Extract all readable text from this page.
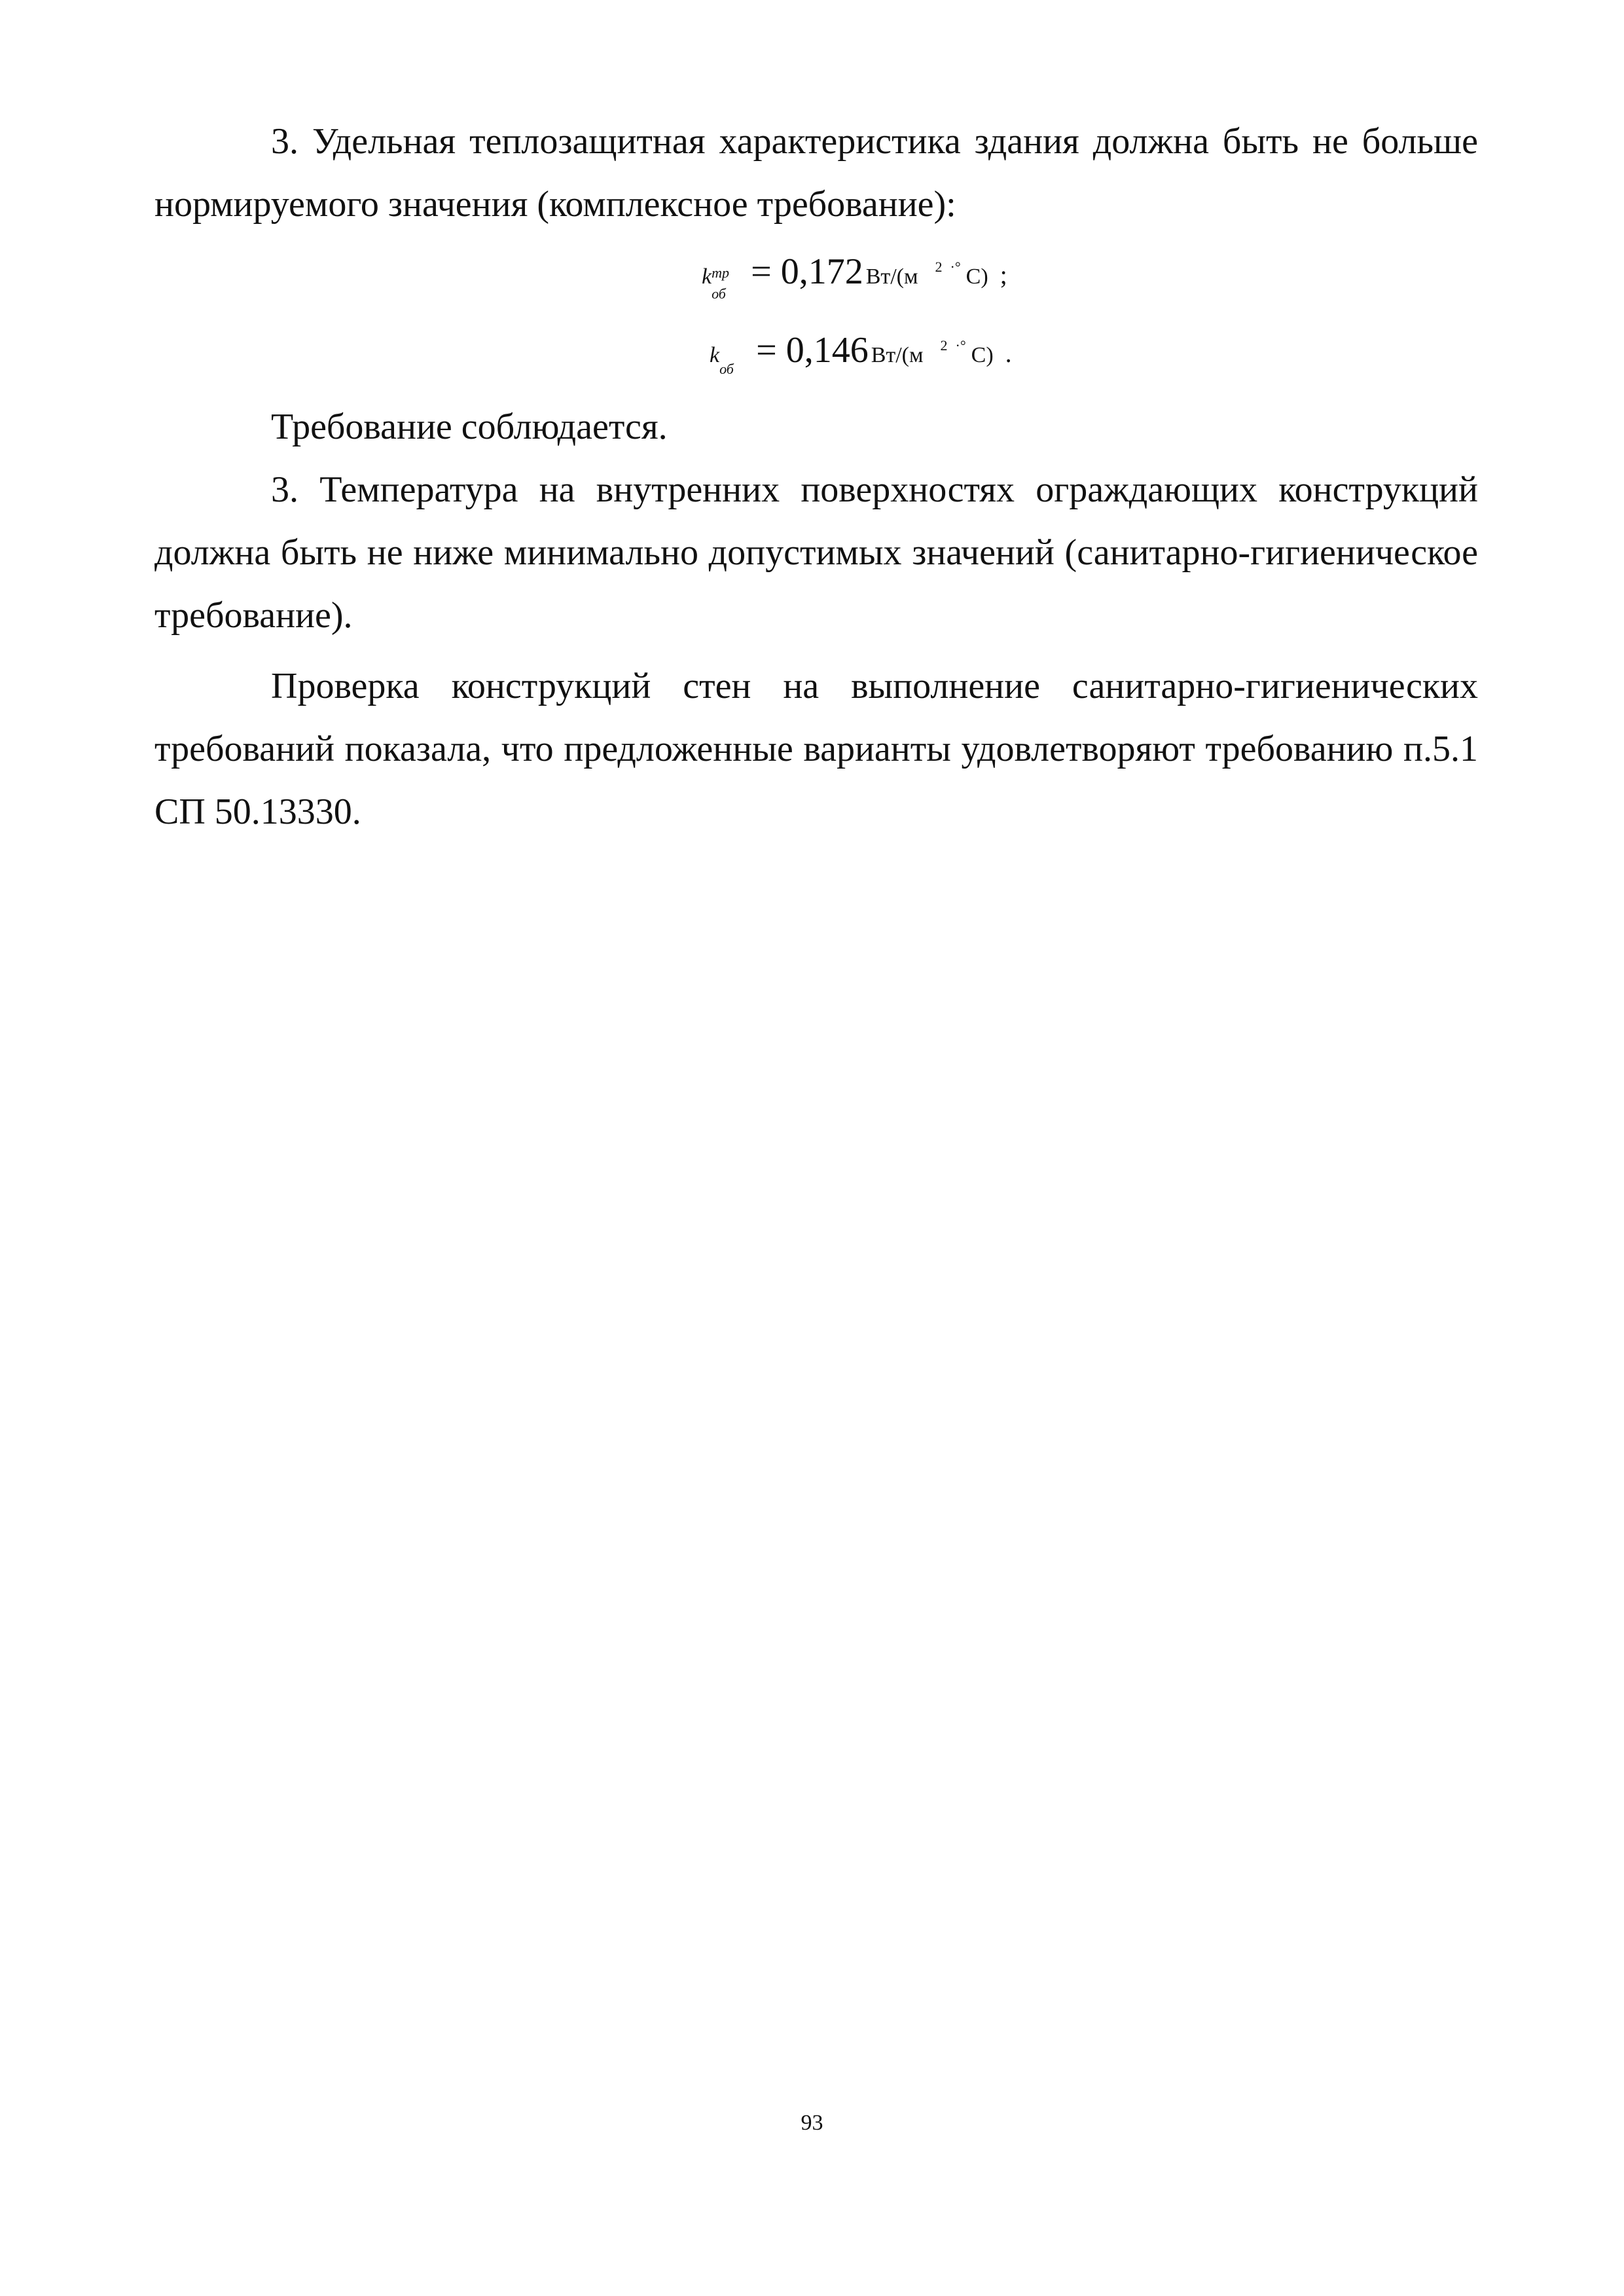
3. Удельная теплозащитная характеристика здания должна быть не больше нормируемого значения (комплексное требование):

k тр
об
= 0,172 Вт/(м $^2$ ·° С) ;
kоб = 0,146 Вт/(м $^2$ ·° С) .

Требование соблюдается.

3. Температура на внутренних поверхностях ограждающих конструкций должна быть не ниже минимально допустимых значений (санитарно-гигиеническое требование).

Проверка конструкций стен на выполнение санитарно-гигиенических требований показала, что предложенные варианты удовлетворяют требованию п.5.1 СП 50.13330.

93
